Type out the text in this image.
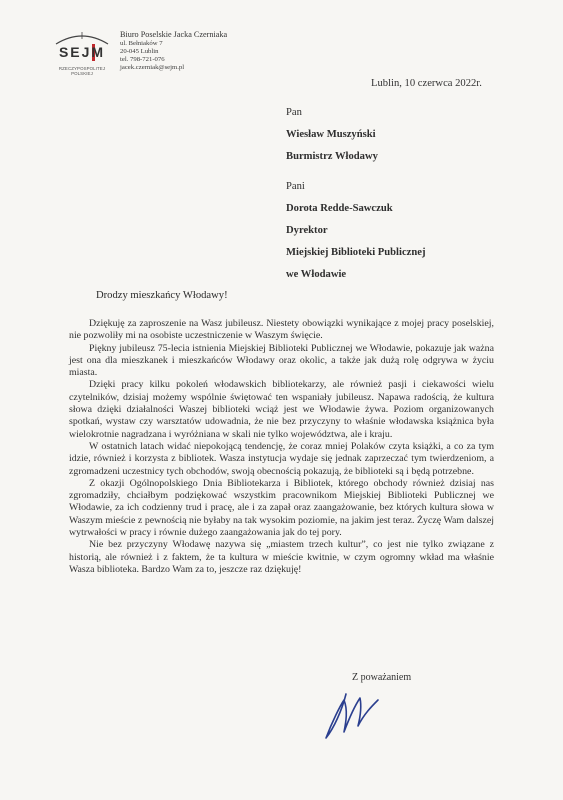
SEJM
RZECZYPOSPOLITEJ POLSKIEJ
Biuro Poselskie Jacka Czerniaka
ul. Bełniaków 7
20-045 Lublin
tel. 798-721-076
jacek.czerniak@sejm.pl
Lublin, 10 czerwca 2022r.
Pan
Wiesław Muszyński
Burmistrz Włodawy
Pani
Dorota Redde-Sawczuk
Dyrektor
Miejskiej Biblioteki Publicznej
we Włodawie
Drodzy mieszkańcy Włodawy!

Dziękuję za zaproszenie na Wasz jubileusz. Niestety obowiązki wynikające z mojej pracy poselskiej, nie pozwoliły mi na osobiste uczestniczenie w Waszym święcie.

Piękny jubileusz 75-lecia istnienia Miejskiej Biblioteki Publicznej we Włodawie, pokazuje jak ważna jest ona dla mieszkanek i mieszkańców Włodawy oraz okolic, a także jak dużą rolę odgrywa w życiu miasta.

Dzięki pracy kilku pokoleń włodawskich bibliotekarzy, ale również pasji i ciekawości wielu czytelników, dzisiaj możemy wspólnie świętować ten wspaniały jubileusz. Napawa radością, że kultura słowa dzięki działalności Waszej biblioteki wciąż jest we Włodawie żywa. Poziom organizowanych spotkań, wystaw czy warsztatów udowadnia, że nie bez przyczyny to właśnie włodawska książnica była wielokrotnie nagradzana i wyróżniana w skali nie tylko województwa, ale i kraju.

W ostatnich latach widać niepokojącą tendencję, że coraz mniej Polaków czyta książki, a co za tym idzie, również i korzysta z bibliotek. Wasza instytucja wydaje się jednak zaprzeczać tym twierdzeniom, a zgromadzeni uczestnicy tych obchodów, swoją obecnością pokazują, że biblioteki są i będą potrzebne.

Z okazji Ogólnopolskiego Dnia Bibliotekarza i Bibliotek, którego obchody również dzisiaj nas zgromadziły, chciałbym podziękować wszystkim pracownikom Miejskiej Biblioteki Publicznej we Włodawie, za ich codzienny trud i pracę, ale i za zapał oraz zaangażowanie, bez których kultura słowa w Waszym mieście z pewnością nie byłaby na tak wysokim poziomie, na jakim jest teraz. Życzę Wam dalszej wytrwałości w pracy i równie dużego zaangażowania jak do tej pory.

Nie bez przyczyny Włodawę nazywa się „miastem trzech kultur”, co jest nie tylko związane z historią, ale również i z faktem, że ta kultura w mieście kwitnie, w czym ogromny wkład ma właśnie Wasza biblioteka. Bardzo Wam za to, jeszcze raz dziękuję!

Z poważaniem
